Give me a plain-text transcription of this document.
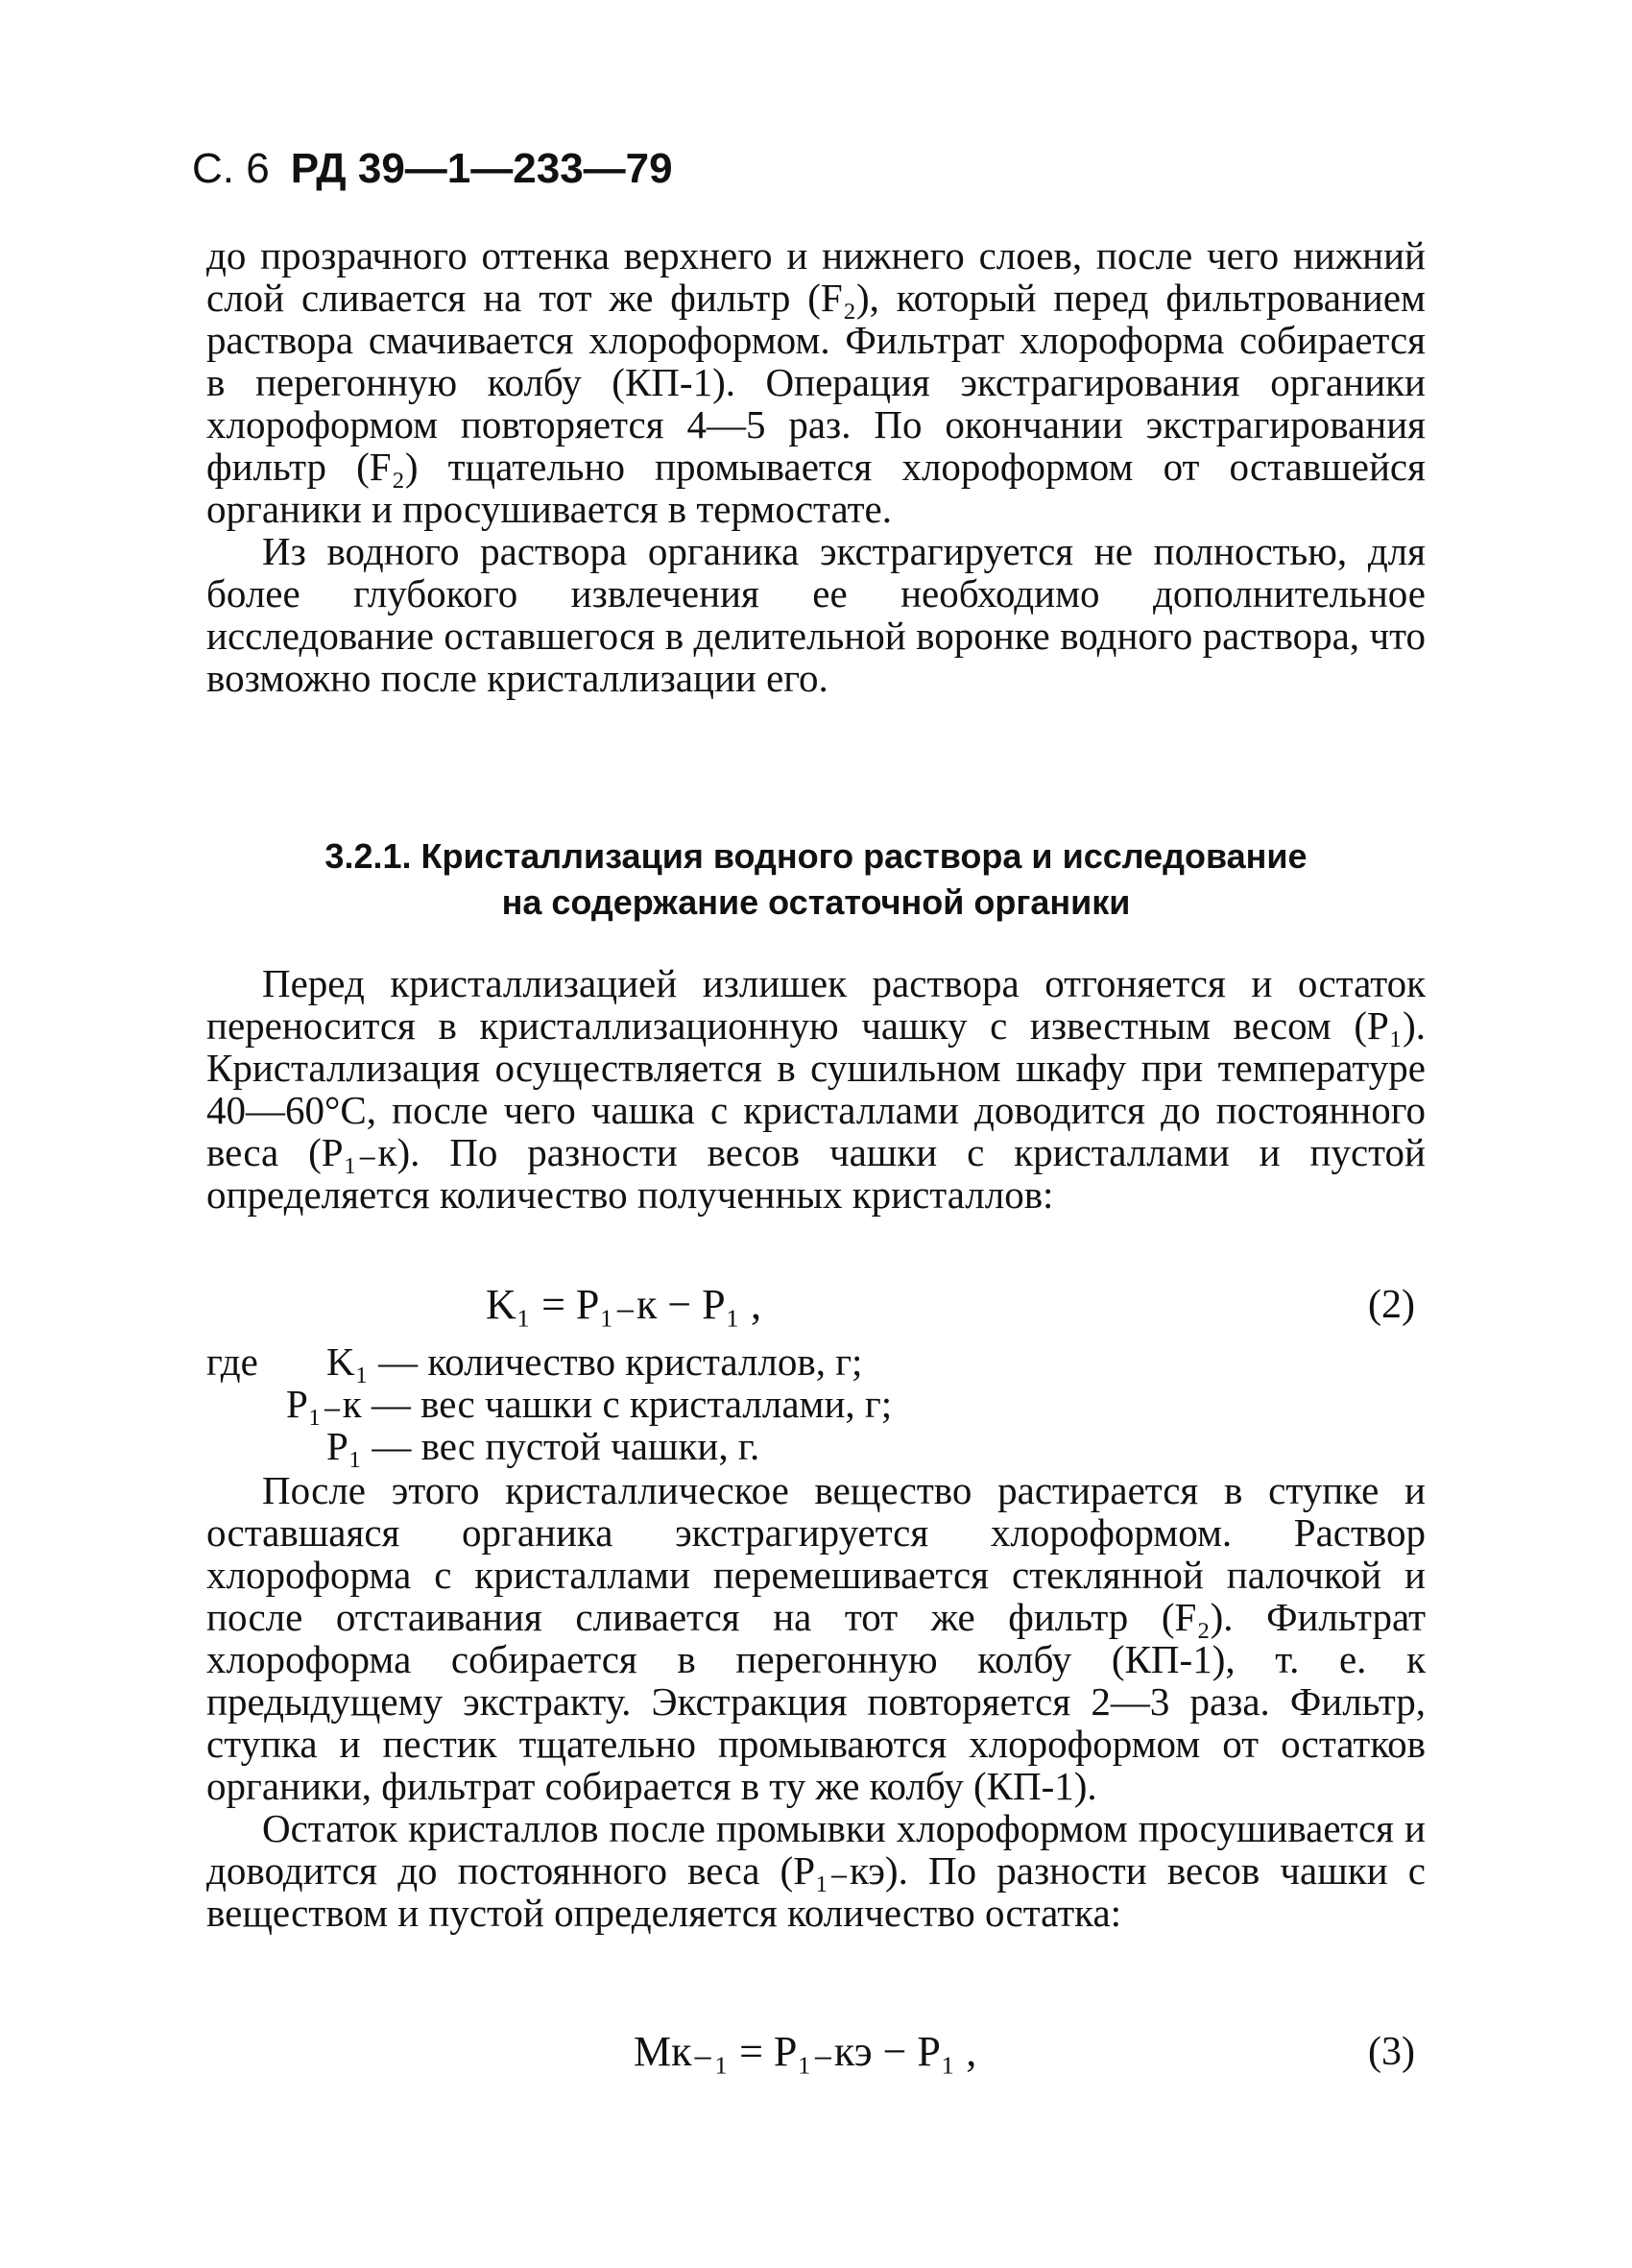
С. 6 РД 39—1—233—79

до прозрачного оттенка верхнего и нижнего слоев, после чего нижний слой сливается на тот же фильтр (F₂), который перед фильтрованием раствора смачивается хлороформом. Фильтрат хлороформа собирается в перегонную колбу (КП-1). Операция экстрагирования органики хлороформом повторяется 4—5 раз. По окончании экстрагирования фильтр (F₂) тщательно промывается хлороформом от оставшейся органики и просушивается в термостате.

Из водного раствора органика экстрагируется не полностью, для более глубокого извлечения ее необходимо дополнительное исследование оставшегося в делительной воронке водного раствора, что возможно после кристаллизации его.

3.2.1. Кристаллизация водного раствора и исследование
на содержание остаточной органики

Перед кристаллизацией излишек раствора отгоняется и остаток переносится в кристаллизационную чашку с известным весом (P₁). Кристаллизация осуществляется в сушильном шкафу при температуре 40—60°С, после чего чашка с кристаллами доводится до постоянного веса (P₁₋к). По разности весов чашки с кристаллами и пустой определяется количество полученных кристаллов:

K₁ = P₁₋к − P₁ ,	(2)
где K₁ — количество кристаллов, г;
P₁₋к — вес чашки с кристаллами, г;
P₁ — вес пустой чашки, г.

После этого кристаллическое вещество растирается в ступке и оставшаяся органика экстрагируется хлороформом. Раствор хлороформа с кристаллами перемешивается стеклянной палочкой и после отстаивания сливается на тот же фильтр (F₂). Фильтрат хлороформа собирается в перегонную колбу (КП-1), т. е. к предыдущему экстракту. Экстракция повторяется 2—3 раза. Фильтр, ступка и пестик тщательно промываются хлороформом от остатков органики, фильтрат собирается в ту же колбу (КП-1).

Остаток кристаллов после промывки хлороформом просушивается и доводится до постоянного веса (P₁₋кэ). По разности весов чашки с веществом и пустой определяется количество остатка:

Mк₋₁ = P₁₋кэ − P₁ ,	(3)
